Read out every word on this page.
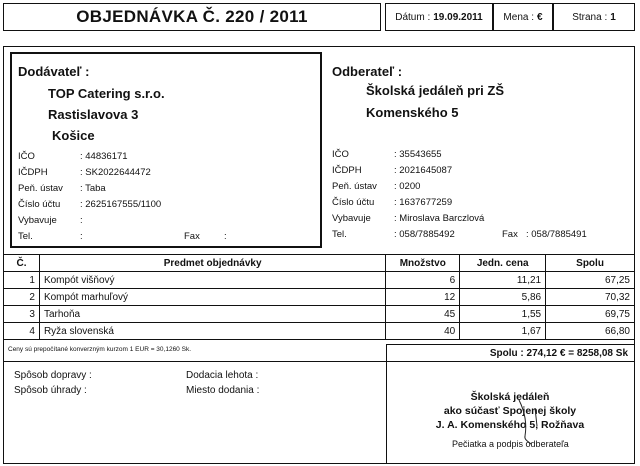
OBJEDNÁVKA Č. 220 / 2011	Dátum : 19.09.2011 Mena : €	Strana : 1
Dodávateľ :
TOP Catering s.r.o.
Rastislavova 3
Košice
IČO	: 44836171
IČDPH	: SK2022644472
Peň. ústav : Taba
Číslo účtu : 2625167555/1100
Vybavuje :
Tel.	:	Fax	:
Odberateľ :
Školská jedáleň pri ZŠ
Komenského 5
IČO	: 35543655
IČDPH	: 2021645087
Peň. ústav : 0200
Číslo účtu : 1637677259
Vybavuje : Miroslava Barczlová
Tel.	: 058/7885492	Fax : 058/7885491
Č.	Predmet objednávky	Množstvo	Jedn. cena	Spolu
1	Kompót višňový	6	11,21	67,25
2	Kompót marhuľový	12	5,86	70,32
3	Tarhoňa	45	1,55	69,75
4	Ryža slovenská	40	1,67	66,80
Ceny sú prepočítané konverzným kurzom 1 EUR = 30,1260 Sk.	Spolu : 274,12 € = 8258,08 Sk
Spôsob dopravy :
Spôsob úhrady :
Dodacia lehota :
Miesto dodania :
Školská jedáleň
ako súčasť Spojenej školy
J. A. Komenského 5, Rožňava
Pečiatka a podpis odberateľa
